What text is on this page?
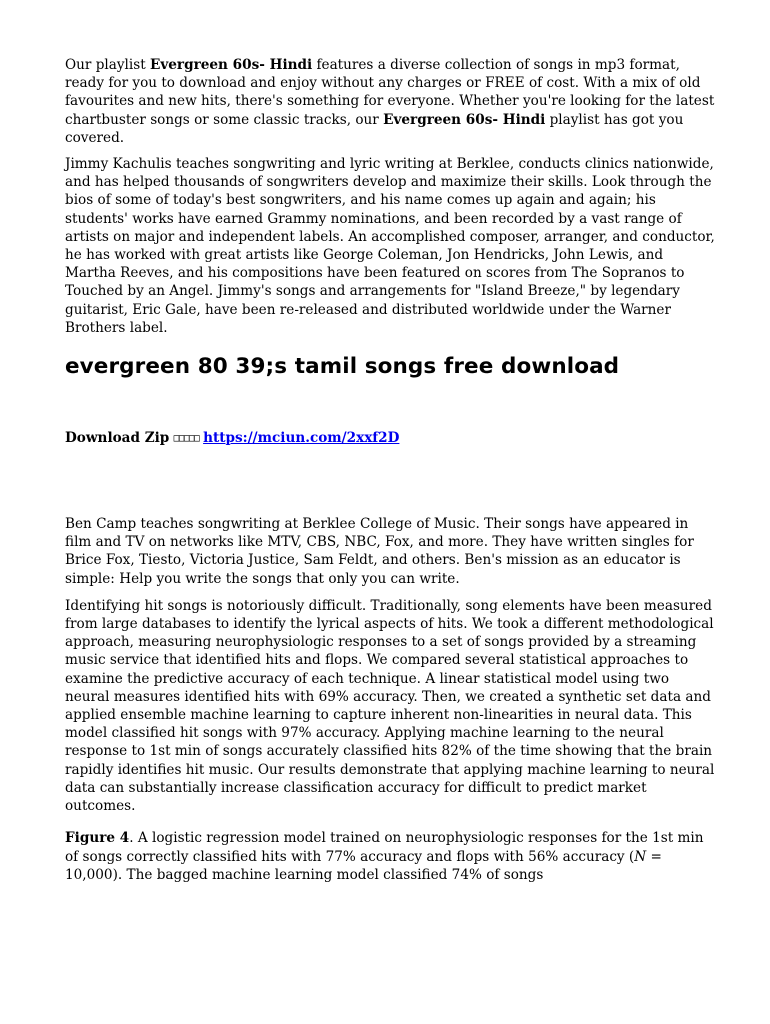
Our playlist Evergreen 60s- Hindi features a diverse collection of songs in mp3 format, ready for you to download and enjoy without any charges or FREE of cost. With a mix of old favourites and new hits, there's something for everyone. Whether you're looking for the latest chartbuster songs or some classic tracks, our Evergreen 60s- Hindi playlist has got you covered.

Jimmy Kachulis teaches songwriting and lyric writing at Berklee, conducts clinics nationwide, and has helped thousands of songwriters develop and maximize their skills. Look through the bios of some of today's best songwriters, and his name comes up again and again; his students' works have earned Grammy nominations, and been recorded by a vast range of artists on major and independent labels. An accomplished composer, arranger, and conductor, he has worked with great artists like George Coleman, Jon Hendricks, John Lewis, and Martha Reeves, and his compositions have been featured on scores from The Sopranos to Touched by an Angel. Jimmy's songs and arrangements for "Island Breeze," by legendary guitarist, Eric Gale, have been re-released and distributed worldwide under the Warner Brothers label.

evergreen 80 39;s tamil songs free download
Download Zip □□□□□ https://mciun.com/2xxf2D

Ben Camp teaches songwriting at Berklee College of Music. Their songs have appeared in film and TV on networks like MTV, CBS, NBC, Fox, and more. They have written singles for Brice Fox, Tiesto, Victoria Justice, Sam Feldt, and others. Ben's mission as an educator is simple: Help you write the songs that only you can write.

Identifying hit songs is notoriously difficult. Traditionally, song elements have been measured from large databases to identify the lyrical aspects of hits. We took a different methodological approach, measuring neurophysiologic responses to a set of songs provided by a streaming music service that identified hits and flops. We compared several statistical approaches to examine the predictive accuracy of each technique. A linear statistical model using two neural measures identified hits with 69% accuracy. Then, we created a synthetic set data and applied ensemble machine learning to capture inherent non-linearities in neural data. This model classified hit songs with 97% accuracy. Applying machine learning to the neural response to 1st min of songs accurately classified hits 82% of the time showing that the brain rapidly identifies hit music. Our results demonstrate that applying machine learning to neural data can substantially increase classification accuracy for difficult to predict market outcomes.

Figure 4. A logistic regression model trained on neurophysiologic responses for the 1st min of songs correctly classified hits with 77% accuracy and flops with 56% accuracy (N = 10,000). The bagged machine learning model classified 74% of songs
